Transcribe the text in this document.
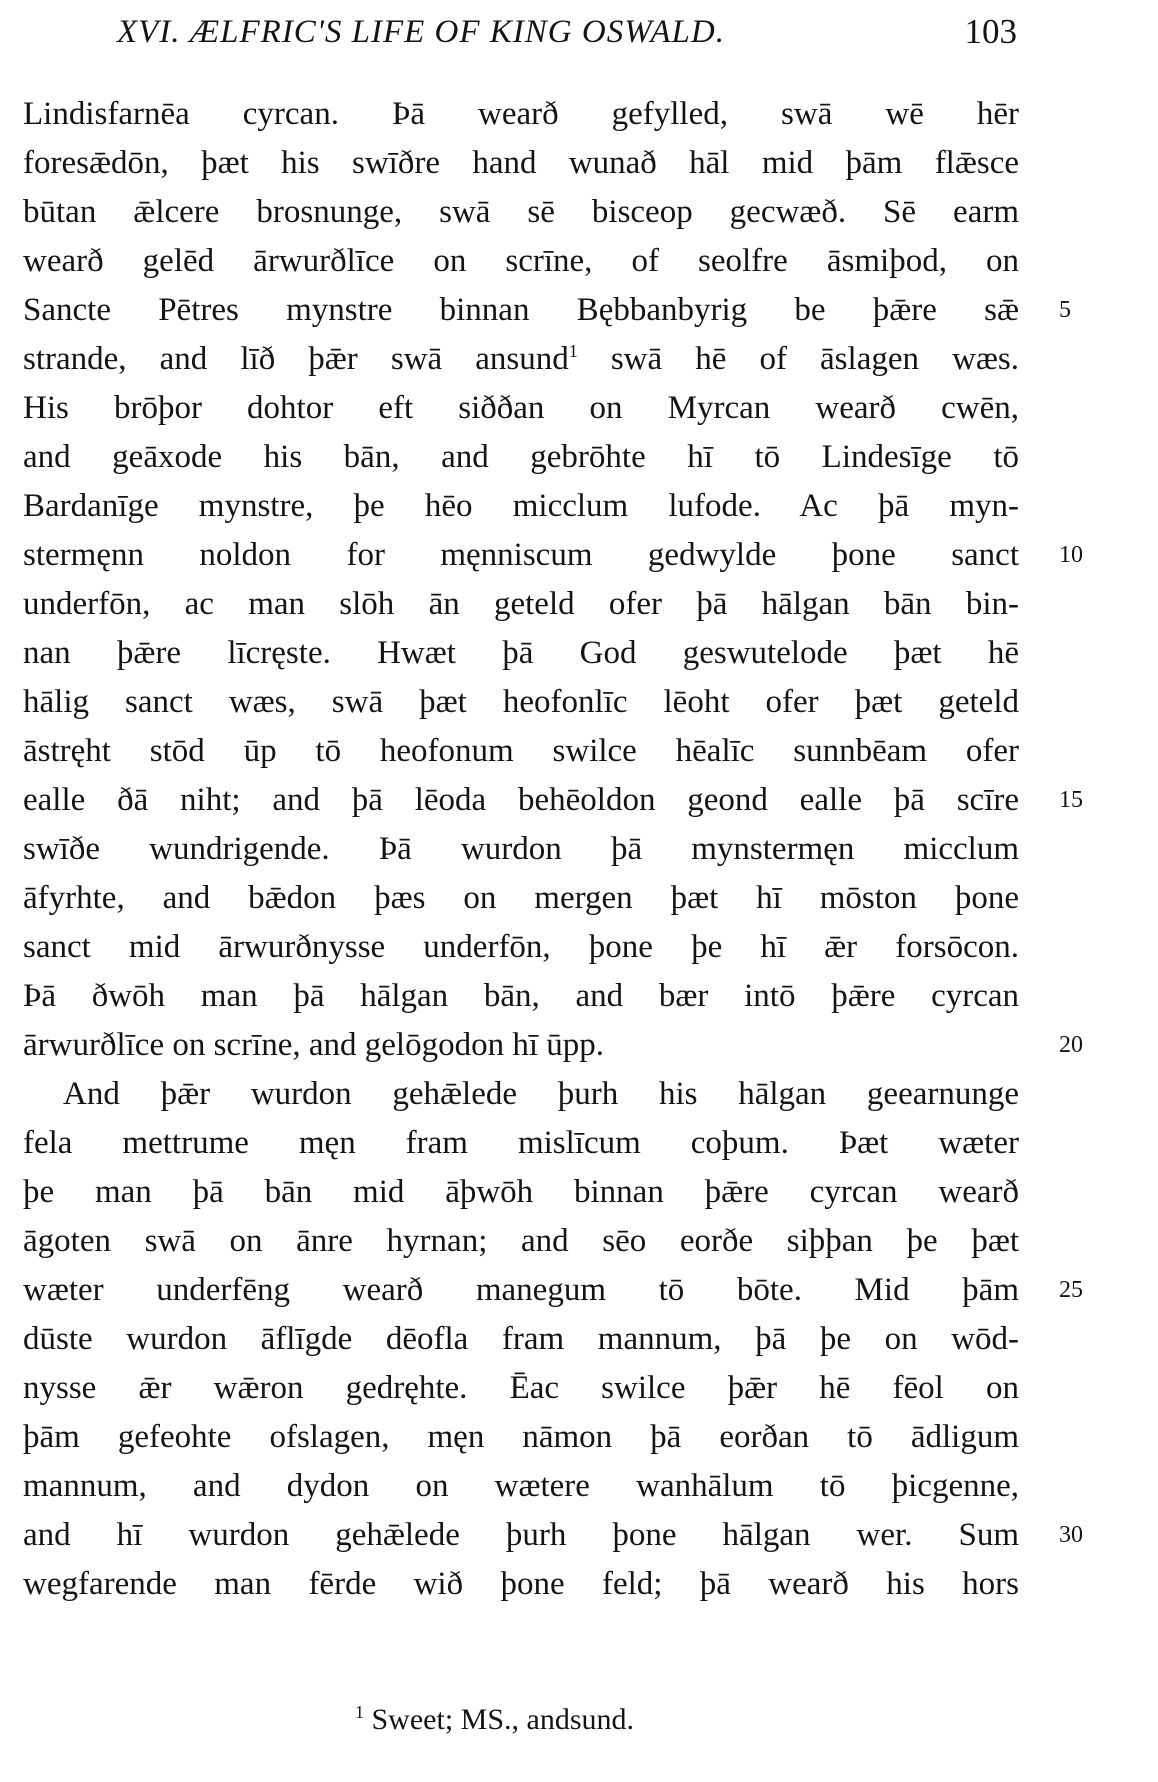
XVI. ÆLFRIC'S LIFE OF KING OSWALD.	103
Lindisfarnēa cyrcan. Þā wearð gefylled, swā wē hēr
foresǣdōn, þæt his swīðre hand wunað hāl mid þām flǣsce
būtan ǣlcere brosnunge, swā sē bisceop gecwæð. Sē earm
wearð gelēd ārwurðlīce on scrīne, of seolfre āsmiþod, on
Sancte Pētres mynstre binnan Bębbanbyrig be þǣre sǣ 5
strande, and līð þǣr swā ansund$^1$ swā hē of āslagen wæs.
His brōþor dohtor eft siððan on Myrcan wearð cwēn,
and geāxode his bān, and gebrōhte hī tō Lindesīge tō
Bardanīge mynstre, þe hēo micclum lufode. Ac þā myn-
stermęnn noldon for męnniscum gedwylde þone sanct 10
underfōn, ac man slōh ān geteld ofer þā hālgan bān bin-
nan þǣre līcręste. Hwæt þā God geswutelode þæt hē
hālig sanct wæs, swā þæt heofonlīc lēoht ofer þæt geteld
āstręht stōd ūp tō heofonum swilce hēalīc sunnbēam ofer
ealle ðā niht; and þā lēoda behēoldon geond ealle þā scīre 15
swīðe wundrigende. Þā wurdon þā mynstermęn micclum
āfyrhte, and bǣdon þæs on mergen þæt hī mōston þone
sanct mid ārwurðnysse underfōn, þone þe hī ǣr forsōcon.
Þā ðwōh man þā hālgan bān, and bær intō þǣre cyrcan
ārwurðlīce on scrīne, and gelōgodon hī ūpp.	20
And þǣr wurdon gehǣlede þurh his hālgan geearnunge
fela mettrume męn fram mislīcum coþum. Þæt wæter
þe man þā bān mid āþwōh binnan þǣre cyrcan wearð
āgoten swā on ānre hyrnan; and sēo eorðe siþþan þe þæt
wæter underfēng wearð manegum tō bōte. Mid þām 25
dūste wurdon āflīgde dēofla fram mannum, þā þe on wōd-
nysse ǣr wǣron gedręhte. Ēac swilce þǣr hē fēol on
þām gefeohte ofslagen, męn nāmon þā eorðan tō ādligum
mannum, and dydon on wætere wanhālum tō þicgenne,
and hī wurdon gehǣlede þurh þone hālgan wer. Sum 30
wegfarende man fērde wið þone feld; þā wearð his hors
$^1$ Sweet; MS., andsund.
